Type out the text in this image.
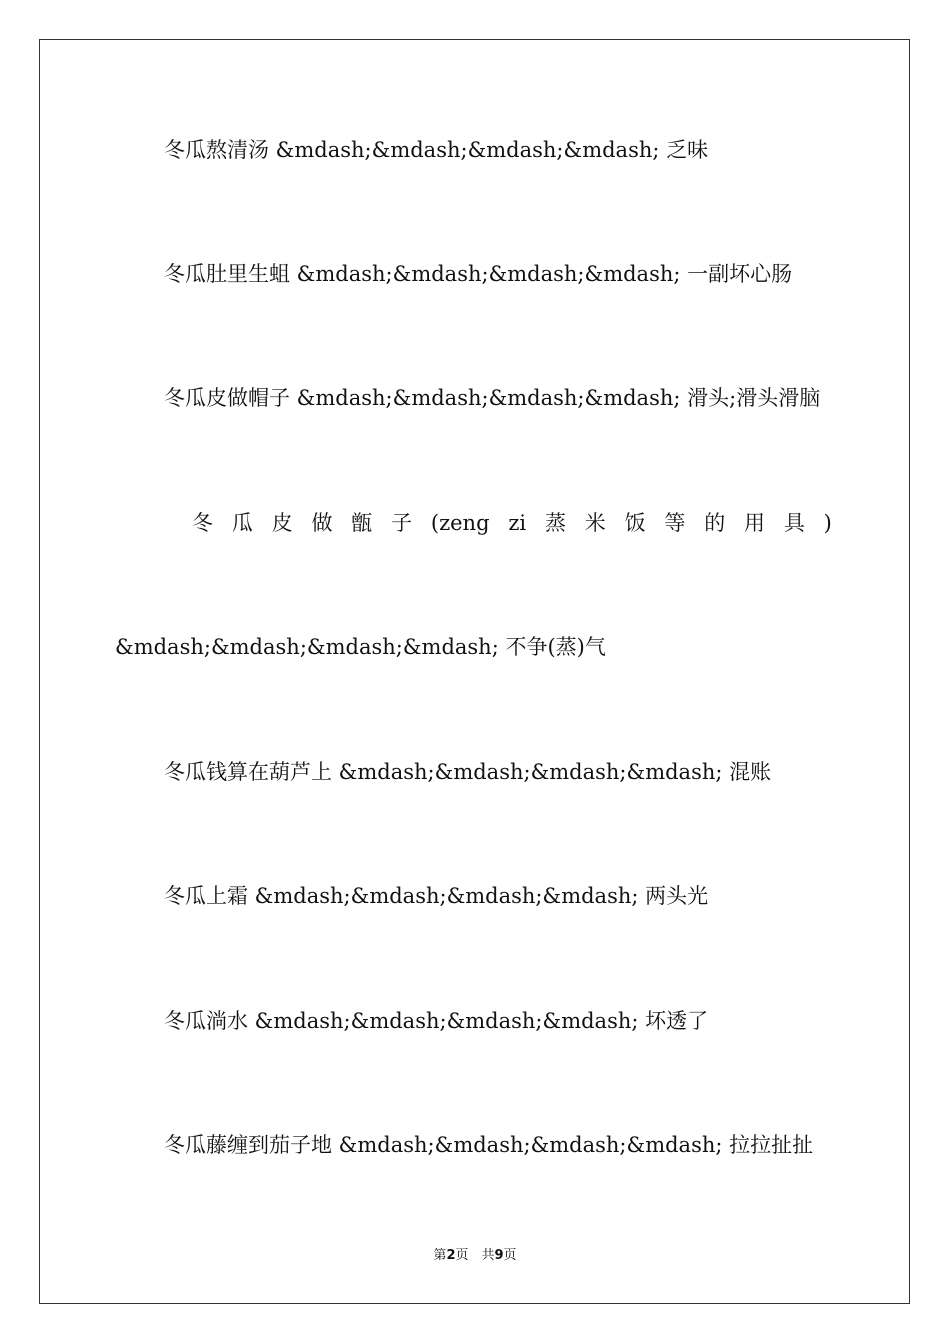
冬瓜熬清汤 &mdash;&mdash;&mdash;&mdash; 乏味
冬瓜肚里生蛆 &mdash;&mdash;&mdash;&mdash; 一副坏心肠
冬瓜皮做帽子 &mdash;&mdash;&mdash;&mdash; 滑头;滑头滑脑
冬 瓜 皮 做 甑 子 (zeng zi 蒸 米 饭 等 的 用 具 )
&mdash;&mdash;&mdash;&mdash; 不争(蒸)气
冬瓜钱算在葫芦上 &mdash;&mdash;&mdash;&mdash; 混账
冬瓜上霜 &mdash;&mdash;&mdash;&mdash; 两头光
冬瓜淌水 &mdash;&mdash;&mdash;&mdash; 坏透了
冬瓜藤缠到茄子地 &mdash;&mdash;&mdash;&mdash; 拉拉扯扯
第2页　共9页
